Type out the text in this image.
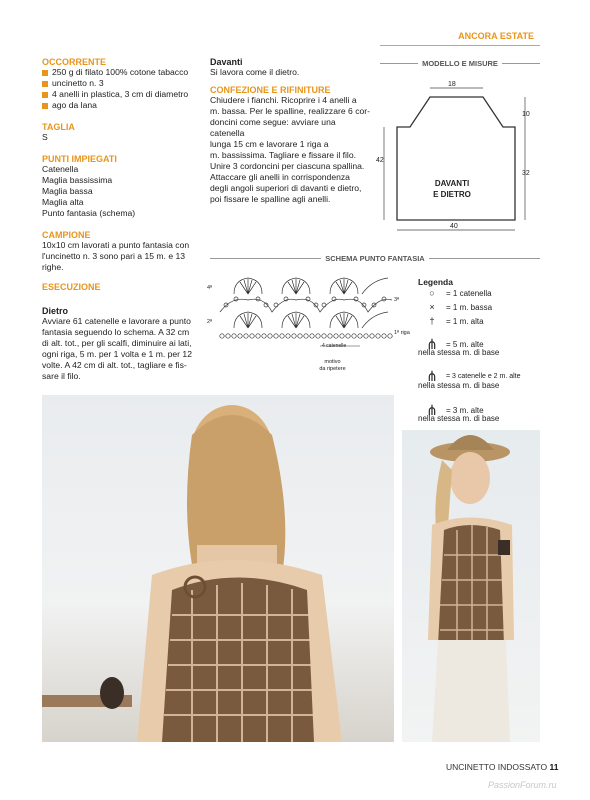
ANCORA ESTATE
OCCORRENTE
250 g di filato 100% cotone tabacco
uncinetto n. 3
4 anelli in plastica, 3 cm di diametro
ago da lana
TAGLIA
S
PUNTI IMPIEGATI
Catenella
Maglia bassissima
Maglia bassa
Maglia alta
Punto fantasia (schema)
CAMPIONE
10x10 cm lavorati a punto fantasia con
l'uncinetto n. 3 sono pari a 15 m. e 13
righe.
ESECUZIONE
Dietro
Avviare 61 catenelle e lavorare a punto
fantasia seguendo lo schema. A 32 cm
di alt. tot., per gli scalfi, diminuire ai lati,
ogni riga, 5 m. per 1 volta e 1 m. per 12
volte. A 42 cm di alt. tot., tagliare e fis-
sare il filo.
Davanti
Si lavora come il dietro.
CONFEZIONE E RIFINITURE
Chiudere i fianchi. Ricoprire i 4 anelli a
m. bassa. Per le spalline, realizzare 6 cor-
doncini come segue: avviare una catenella
lunga 15 cm e lavorare 1 riga a
m. bassissima. Tagliare e fissare il filo.
Unire 3 cordoncini per ciascuna spallina.
Attaccare gli anelli in corrispondenza
degli angoli superiori di davanti e dietro,
poi fissare le spalline agli anelli.
MODELLO E MISURE
18
42
10
32
40
DAVANTI
E DIETRO
SCHEMA PUNTO FANTASIA
4ª
3ª
2ª
1ª riga
4 catenelle
motivo
da ripetere
Legenda
○	= 1 catenella
×	= 1 m. bassa
†	= 1 m. alta
⋔	= 5 m. alte
nella stessa m. di base
⋔	= 3 catenelle e 2 m. alte
nella stessa m. di base
⋔	= 3 m. alte
nella stessa m. di base
UNCINETTO INDOSSATO 11
PassionForum.ru
